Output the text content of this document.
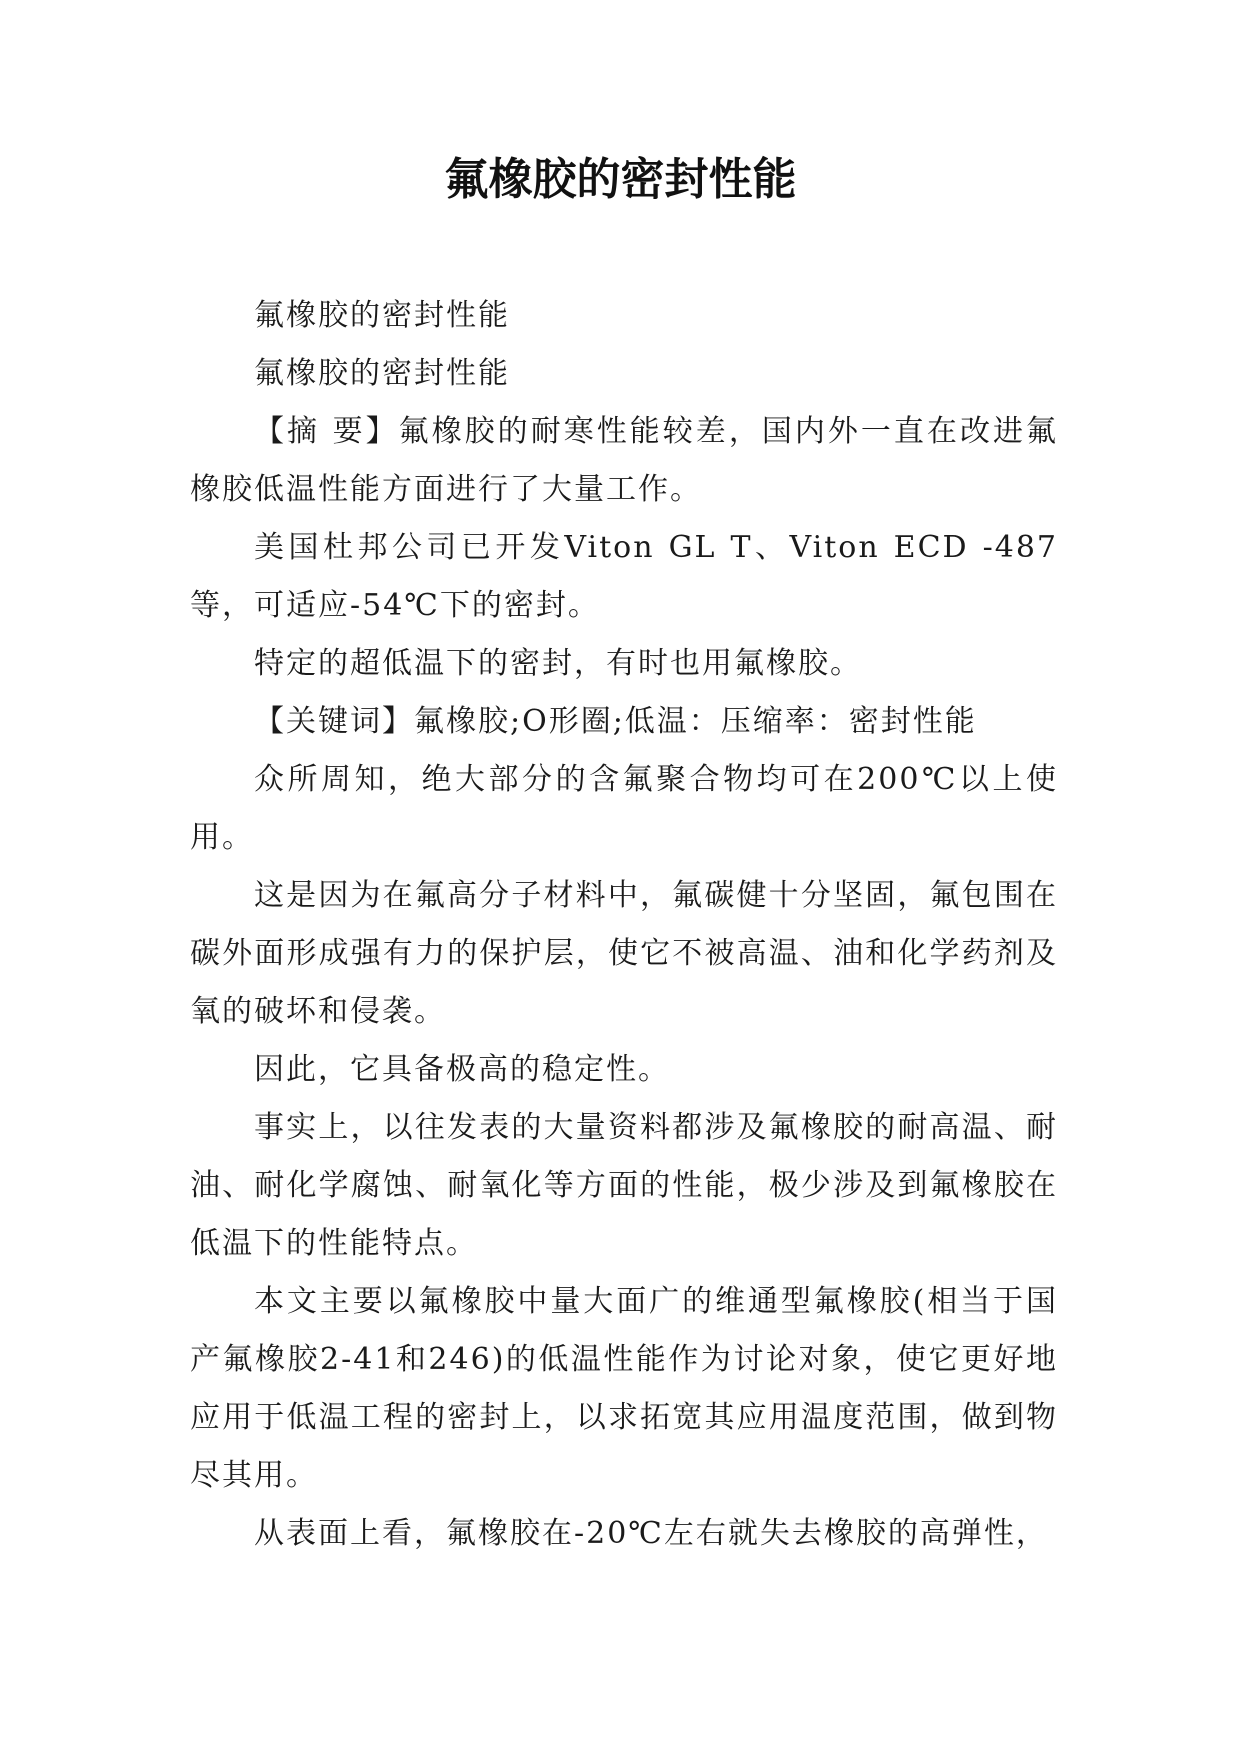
氟橡胶的密封性能

氟橡胶的密封性能

氟橡胶的密封性能

【摘 要】氟橡胶的耐寒性能较差，国内外一直在改进氟橡胶低温性能方面进行了大量工作。

美国杜邦公司已开发Viton GL T、Viton ECD -487等，可适应-54℃下的密封。

特定的超低温下的密封，有时也用氟橡胶。

【关键词】氟橡胶;O形圈;低温：压缩率：密封性能

众所周知，绝大部分的含氟聚合物均可在200℃以上使用。

这是因为在氟高分子材料中，氟碳健十分坚固，氟包围在碳外面形成强有力的保护层，使它不被高温、油和化学药剂及氧的破坏和侵袭。

因此，它具备极高的稳定性。

事实上，以往发表的大量资料都涉及氟橡胶的耐高温、耐油、耐化学腐蚀、耐氧化等方面的性能，极少涉及到氟橡胶在低温下的性能特点。

本文主要以氟橡胶中量大面广的维通型氟橡胶(相当于国产氟橡胶2-41和246)的低温性能作为讨论对象，使它更好地应用于低温工程的密封上，以求拓宽其应用温度范围，做到物尽其用。

从表面上看，氟橡胶在-20℃左右就失去橡胶的高弹性，
